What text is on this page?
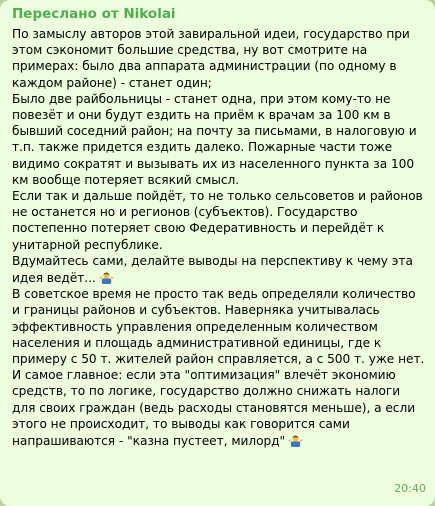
Переслано от Nikolai
По замыслу авторов этой завиральной идеи, государство при этом сэкономит большие средства, ну вот смотрите на примерах: было два аппарата администрации (по одному в каждом районе) - станет один;
Было две райбольницы - станет одна, при этом кому-то не повезёт и они будут ездить на приём к врачам за 100 км в бывший соседний район; на почту за письмами, в налоговую и т.п. также придется ездить далеко. Пожарные части тоже видимо сократят и вызывать их из населенного пункта за 100 км вообще потеряет всякий смысл.
Если так и дальше пойдёт, то не только сельсоветов и районов не останется но и регионов (субъектов). Государство постепенно потеряет свою Федеративность и перейдёт к унитарной республике.
Вдумайтесь сами, делайте выводы на перспективу к чему эта идея ведёт...
В советское время не просто так ведь определяли количество и границы районов и субъектов. Наверняка учитывалась эффективность управления определенным количеством населения и площадь административной единицы, где к примеру с 50 т. жителей район справляется, а с 500 т. уже нет.
И самое главное: если эта "оптимизация" влечёт экономию средств, то по логике, государство должно снижать налоги для своих граждан (ведь расходы становятся меньше), а если этого не происходит, то выводы как говорится сами напрашиваются - "казна пустеет, милорд"
20:40
